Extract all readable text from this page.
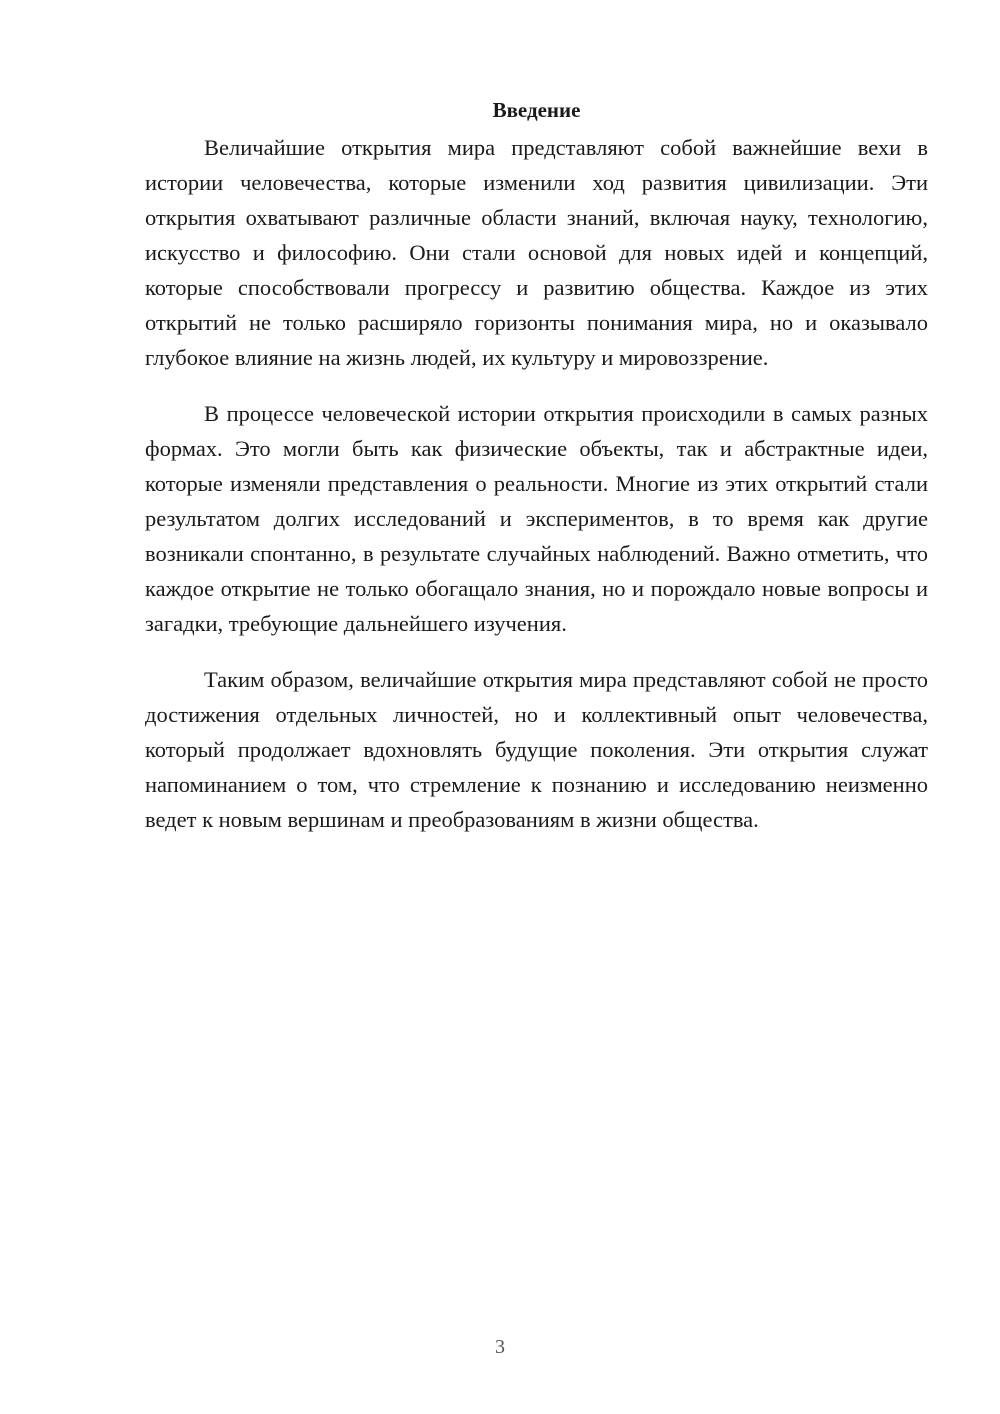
Введение

Величайшие открытия мира представляют собой важнейшие вехи в истории человечества, которые изменили ход развития цивилизации. Эти открытия охватывают различные области знаний, включая науку, технологию, искусство и философию. Они стали основой для новых идей и концепций, которые способствовали прогрессу и развитию общества. Каждое из этих открытий не только расширяло горизонты понимания мира, но и оказывало глубокое влияние на жизнь людей, их культуру и мировоззрение.

В процессе человеческой истории открытия происходили в самых разных формах. Это могли быть как физические объекты, так и абстрактные идеи, которые изменяли представления о реальности. Многие из этих открытий стали результатом долгих исследований и экспериментов, в то время как другие возникали спонтанно, в результате случайных наблюдений. Важно отметить, что каждое открытие не только обогащало знания, но и порождало новые вопросы и загадки, требующие дальнейшего изучения.

Таким образом, величайшие открытия мира представляют собой не просто достижения отдельных личностей, но и коллективный опыт человечества, который продолжает вдохновлять будущие поколения. Эти открытия служат напоминанием о том, что стремление к познанию и исследованию неизменно ведет к новым вершинам и преобразованиям в жизни общества.

3
